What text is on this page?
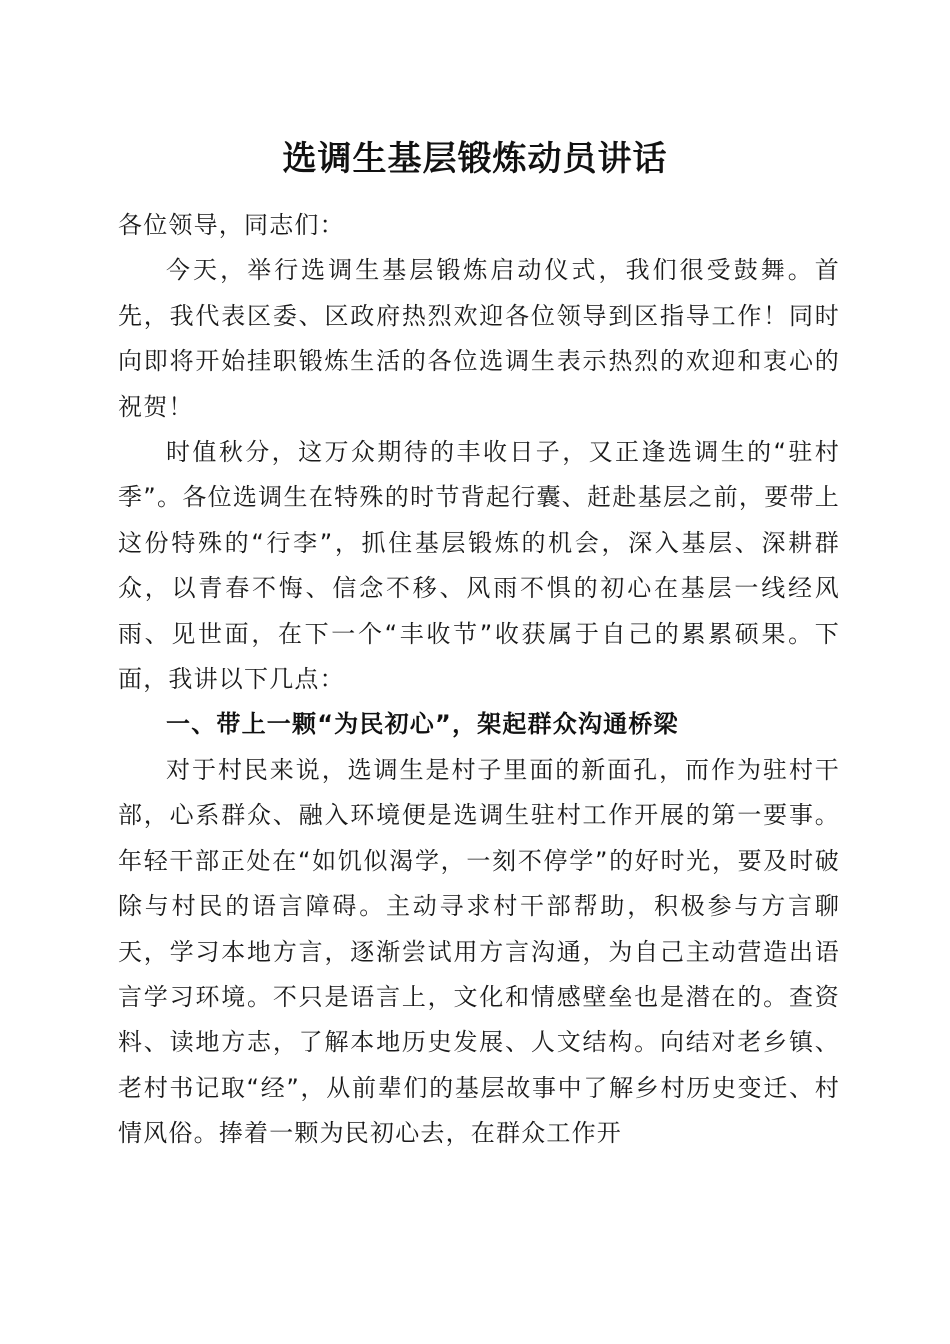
选调生基层锻炼动员讲话

各位领导，同志们：

今天，举行选调生基层锻炼启动仪式，我们很受鼓舞。首先，我代表区委、区政府热烈欢迎各位领导到区指导工作！同时向即将开始挂职锻炼生活的各位选调生表示热烈的欢迎和衷心的祝贺！

时值秋分，这万众期待的丰收日子，又正逢选调生的“驻村季”。各位选调生在特殊的时节背起行囊、赶赴基层之前，要带上这份特殊的“行李”，抓住基层锻炼的机会，深入基层、深耕群众，以青春不悔、信念不移、风雨不惧的初心在基层一线经风雨、见世面，在下一个“丰收节”收获属于自己的累累硕果。下面，我讲以下几点：

一、带上一颗“为民初心”，架起群众沟通桥梁

对于村民来说，选调生是村子里面的新面孔，而作为驻村干部，心系群众、融入环境便是选调生驻村工作开展的第一要事。年轻干部正处在“如饥似渴学，一刻不停学”的好时光，要及时破除与村民的语言障碍。主动寻求村干部帮助，积极参与方言聊天，学习本地方言，逐渐尝试用方言沟通，为自己主动营造出语言学习环境。不只是语言上，文化和情感壁垒也是潜在的。查资料、读地方志，了解本地历史发展、人文结构。向结对老乡镇、老村书记取“经”，从前辈们的基层故事中了解乡村历史变迁、村情风俗。捧着一颗为民初心去，在群众工作开
